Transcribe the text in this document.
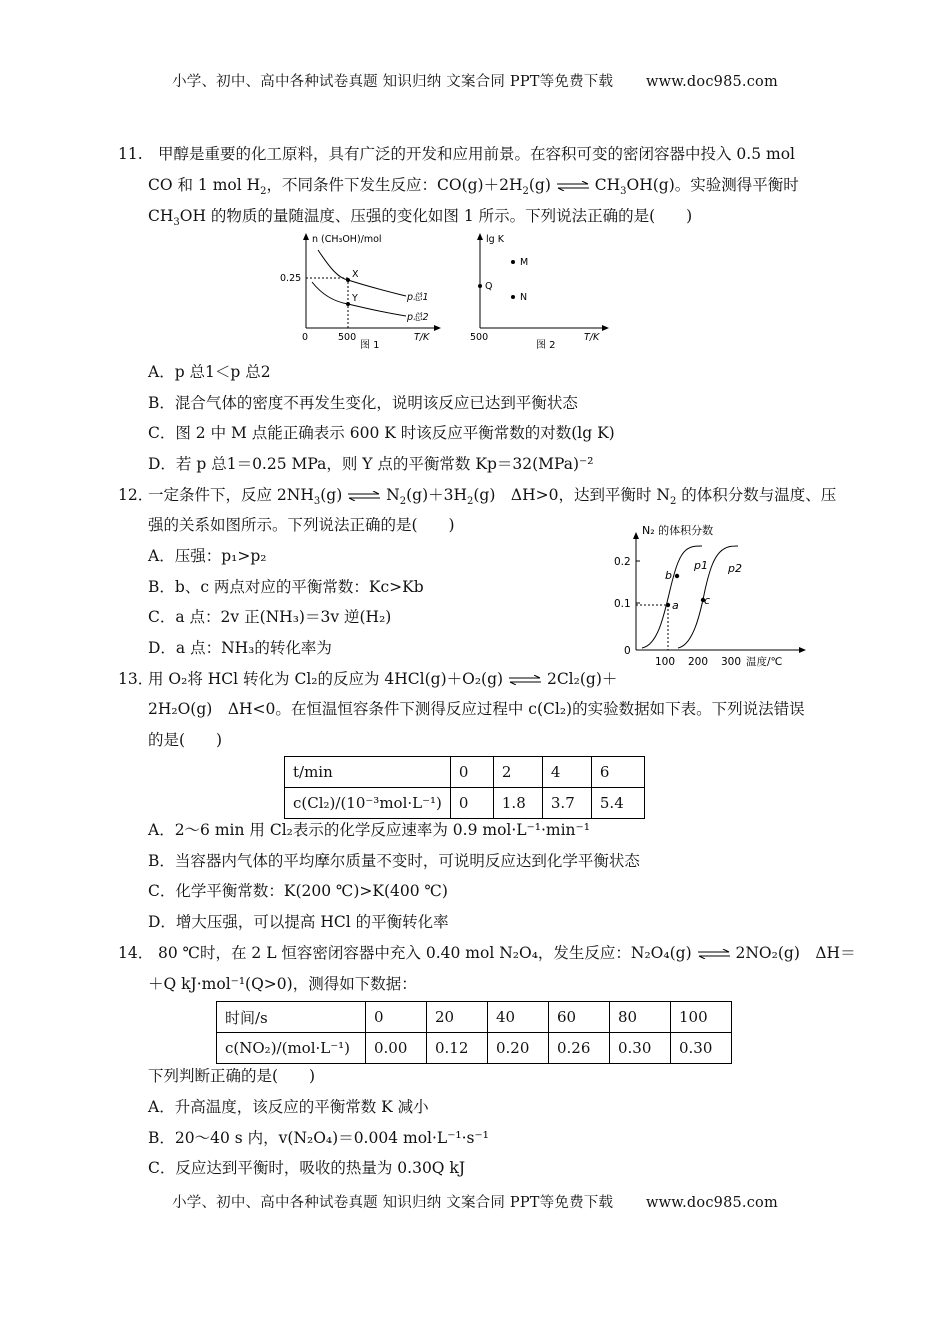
小学、初中、高中各种试卷真题 知识归纳 文案合同 PPT等免费下载 www.doc985.com
11. 甲醇是重要的化工原料，具有广泛的开发和应用前景。在容积可变的密闭容器中投入 0.5 mol
CO 和 1 mol $H_2$，不同条件下发生反应：$CO(g)+2H_2(g)$ ⇌ $CH_3OH(g)$。实验测得平衡时
$CH_3OH$ 的物质的量随温度、压强的变化如图 1 所示。下列说法正确的是(　　)
n (CH₃OH)/mol
0.25
0	500	T/K
X
Y	p总1
p总2
图 1
lg K
500	T/K
M
Q
N
图 2
A．p 总1＜p 总2
B．混合气体的密度不再发生变化，说明该反应已达到平衡状态
C．图 2 中 M 点能正确表示 600 K 时该反应平衡常数的对数(lg K)
D．若 p 总1＝0.25 MPa，则 Y 点的平衡常数 Kp＝32(MPa)⁻²
12．
一定条件下，反应 $2NH_3(g)$ ⇌ $N_2(g)+3H_2(g)$　ΔH>0，达到平衡时 $N_2$ 的体积分数与温度、压
强的关系如图所示。下列说法正确的是(　　)
A．压强：p₁>p₂
B．b、c 两点对应的平衡常数：Kc>Kb
C．a 点：2v 正(NH₃)＝3v 逆(H₂)
D．a 点：NH₃的转化率为
N₂ 的体积分数
0.2
0.1
0
100 200 300 温度/℃
a
b
c
p1 p2
13．
用 O₂将 HCl 转化为 Cl₂的反应为 4HCl(g)＋O₂(g) ⇌ 2Cl₂(g)＋
2H₂O(g)　ΔH<0。在恒温恒容条件下测得反应过程中 c(Cl₂)的实验数据如下表。下列说法错误
的是(　　)
t/min	0	2	4	6
c(Cl₂)/(10⁻³mol·L⁻¹)	0	1.8	3.7	5.4
A．2～6 min 用 Cl₂表示的化学反应速率为 0.9 mol·L⁻¹·min⁻¹
B．当容器内气体的平均摩尔质量不变时，可说明反应达到化学平衡状态
C．化学平衡常数：K(200 ℃)>K(400 ℃)
D．增大压强，可以提高 HCl 的平衡转化率
14． 80 ℃时，在 2 L 恒容密闭容器中充入 0.40 mol N₂O₄，发生反应：N₂O₄(g) ⇌ 2NO₂(g)　ΔH＝
＋Q kJ·mol⁻¹(Q>0)，测得如下数据：
时间/s	0	20	40	60	80	100
c(NO₂)/(mol·L⁻¹)	0.00	0.12	0.20	0.26	0.30	0.30
下列判断正确的是(　　)
A．升高温度，该反应的平衡常数 K 减小
B．20～40 s 内，v(N₂O₄)＝0.004 mol·L⁻¹·s⁻¹
C．反应达到平衡时，吸收的热量为 0.30Q kJ
小学、初中、高中各种试卷真题 知识归纳 文案合同 PPT等免费下载 www.doc985.com
